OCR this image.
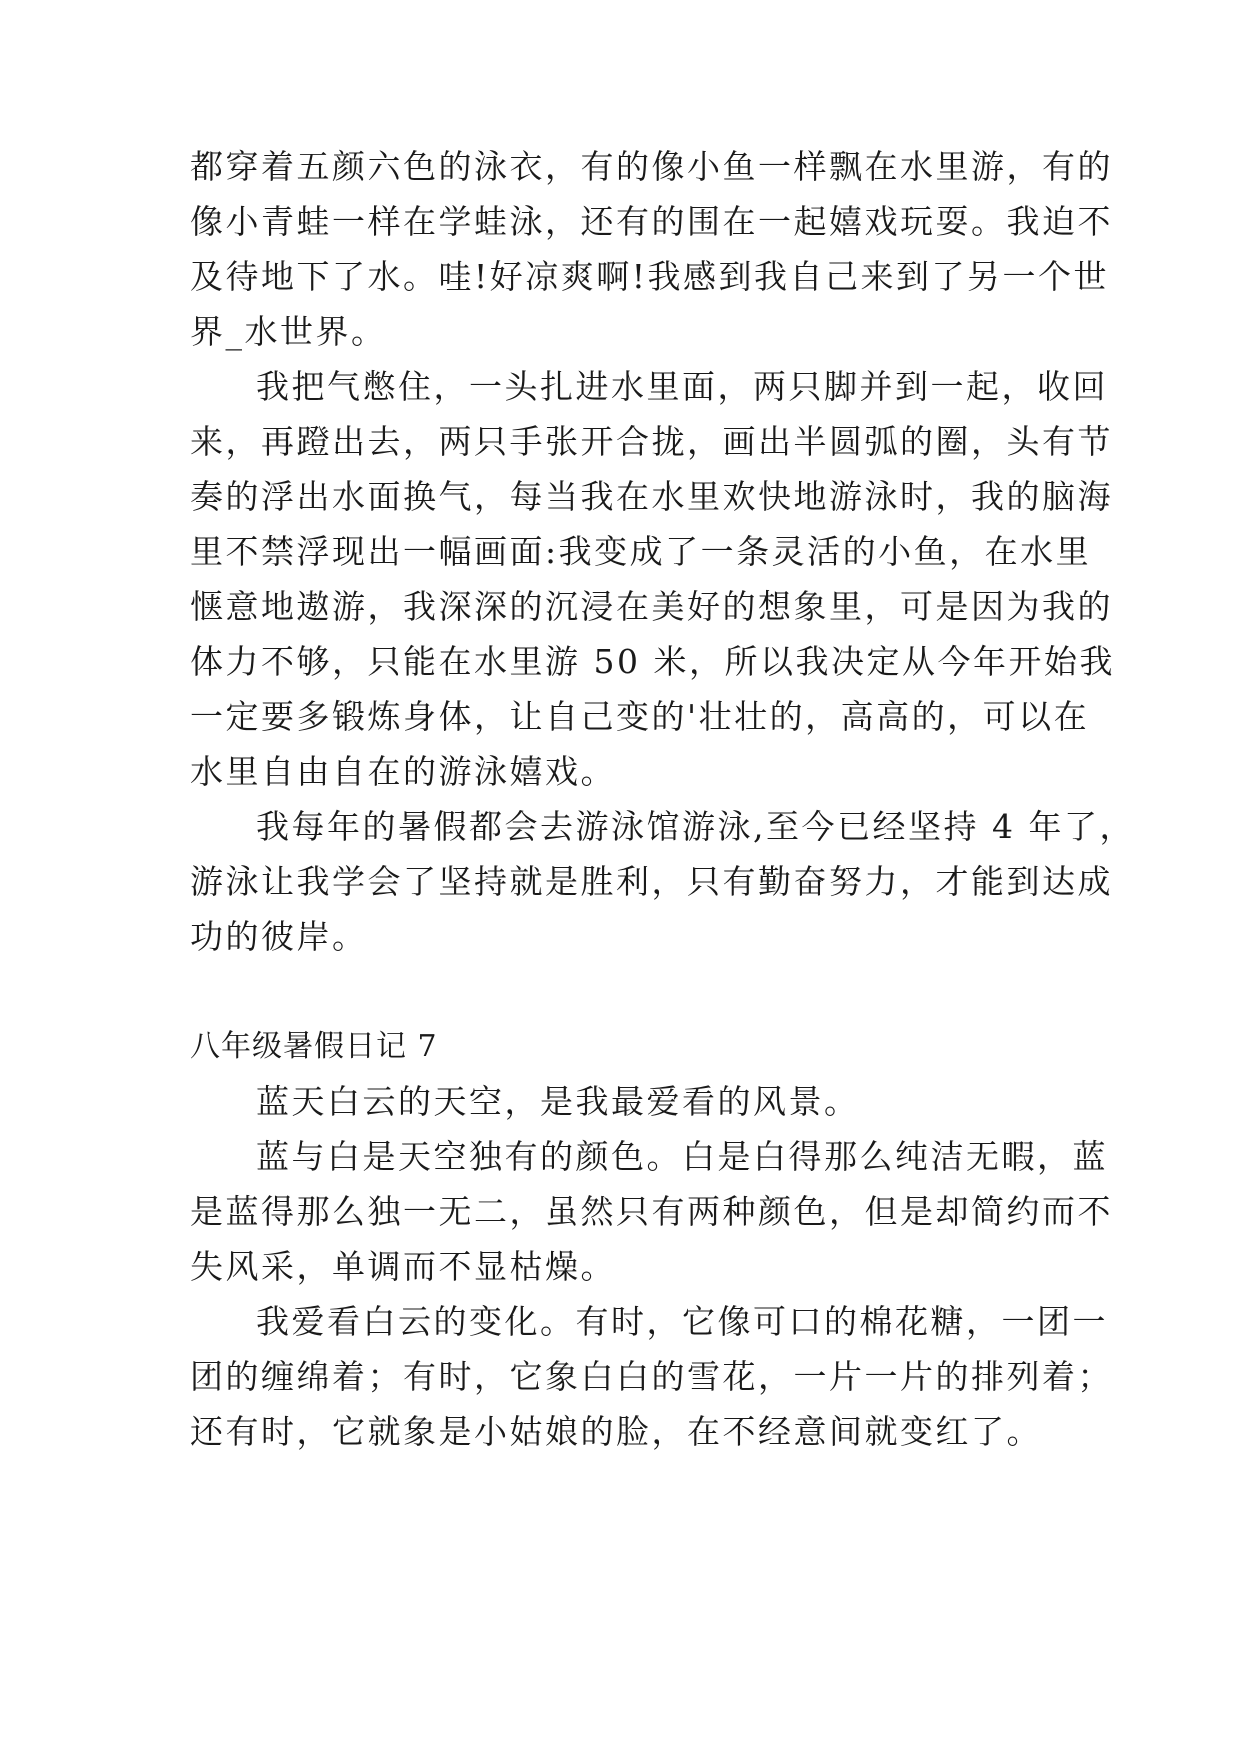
都穿着五颜六色的泳衣，有的像小鱼一样飘在水里游，有的
像小青蛙一样在学蛙泳，还有的围在一起嬉戏玩耍。我迫不
及待地下了水。哇!好凉爽啊!我感到我自己来到了另一个世
界_水世界。
我把气憋住，一头扎进水里面，两只脚并到一起，收回
来，再蹬出去，两只手张开合拢，画出半圆弧的圈，头有节
奏的浮出水面换气，每当我在水里欢快地游泳时，我的脑海
里不禁浮现出一幅画面:我变成了一条灵活的小鱼，在水里
惬意地遨游，我深深的沉浸在美好的想象里，可是因为我的
体力不够，只能在水里游 50 米，所以我决定从今年开始我
一定要多锻炼身体，让自己变的'壮壮的，高高的，可以在
水里自由自在的游泳嬉戏。
我每年的暑假都会去游泳馆游泳,至今已经坚持 4 年了，
游泳让我学会了坚持就是胜利，只有勤奋努力，才能到达成
功的彼岸。
八年级暑假日记 7
蓝天白云的天空，是我最爱看的风景。
蓝与白是天空独有的颜色。白是白得那么纯洁无暇，蓝
是蓝得那么独一无二，虽然只有两种颜色，但是却简约而不
失风采，单调而不显枯燥。
我爱看白云的变化。有时，它像可口的棉花糖，一团一
团的缠绵着；有时，它象白白的雪花，一片一片的排列着；
还有时，它就象是小姑娘的脸，在不经意间就变红了。
